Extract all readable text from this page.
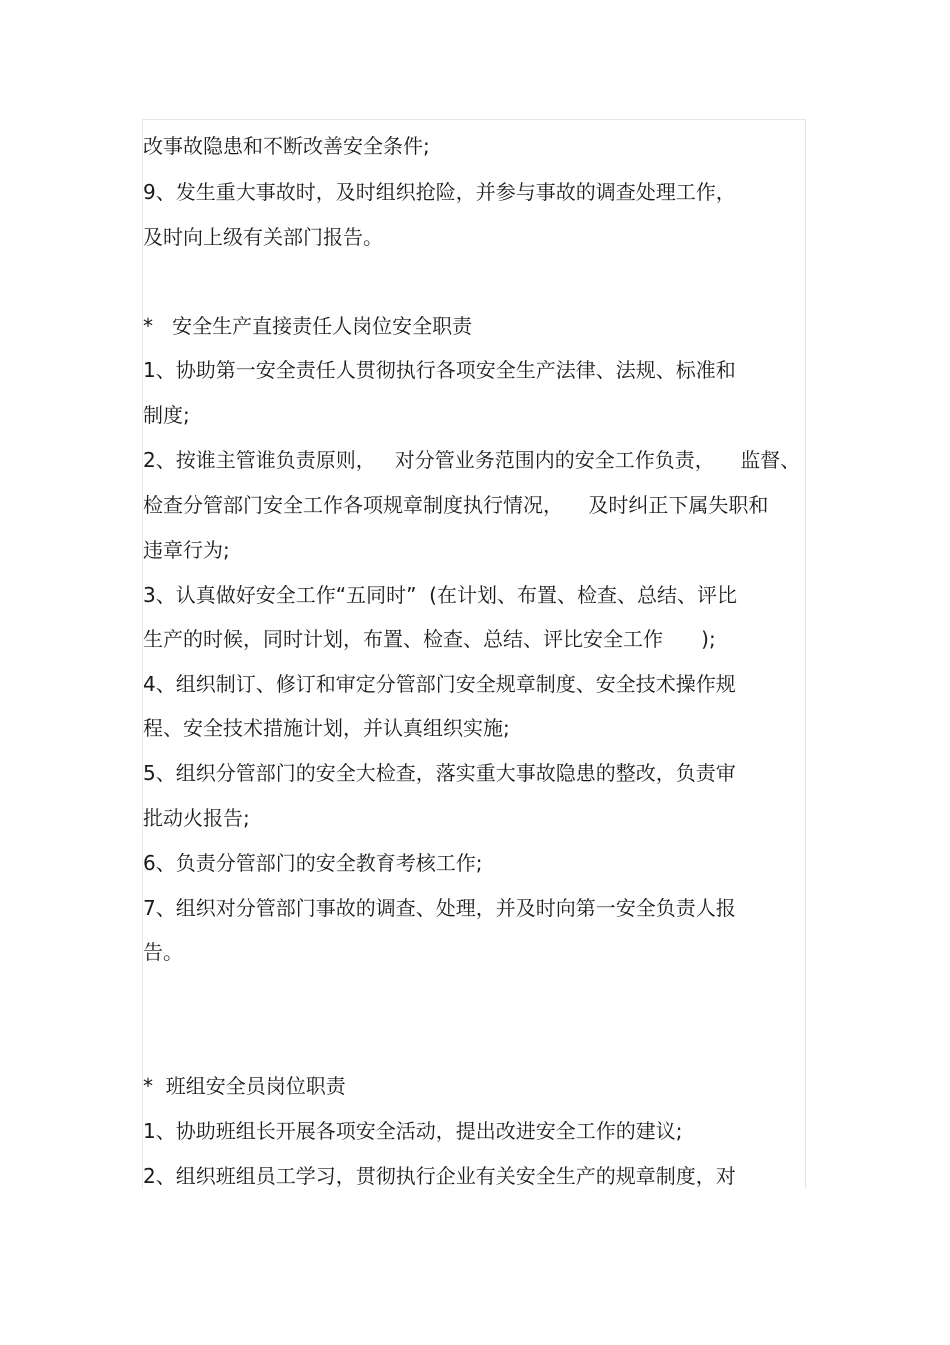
改事故隐患和不断改善安全条件;
9、发生重大事故时，及时组织抢险，并参与事故的调查处理工作，
及时向上级有关部门报告。
*   安全生产直接责任人岗位安全职责
1、协助第一安全责任人贯彻执行各项安全生产法律、法规、标准和
制度;
2、按谁主管谁负责原则，   对分管业务范围内的安全工作负责，    监督、
检查分管部门安全工作各项规章制度执行情况，    及时纠正下属失职和
违章行为;
3、认真做好安全工作“五同时”  (在计划、布置、检查、总结、评比
生产的时候，同时计划，布置、检查、总结、评比安全工作      );
4、组织制订、修订和审定分管部门安全规章制度、安全技术操作规
程、安全技术措施计划，并认真组织实施;
5、组织分管部门的安全大检查，落实重大事故隐患的整改，负责审
批动火报告;
6、负责分管部门的安全教育考核工作;
7、组织对分管部门事故的调查、处理，并及时向第一安全负责人报
告。
*  班组安全员岗位职责
1、协助班组长开展各项安全活动，提出改进安全工作的建议;
2、组织班组员工学习，贯彻执行企业有关安全生产的规章制度，对
